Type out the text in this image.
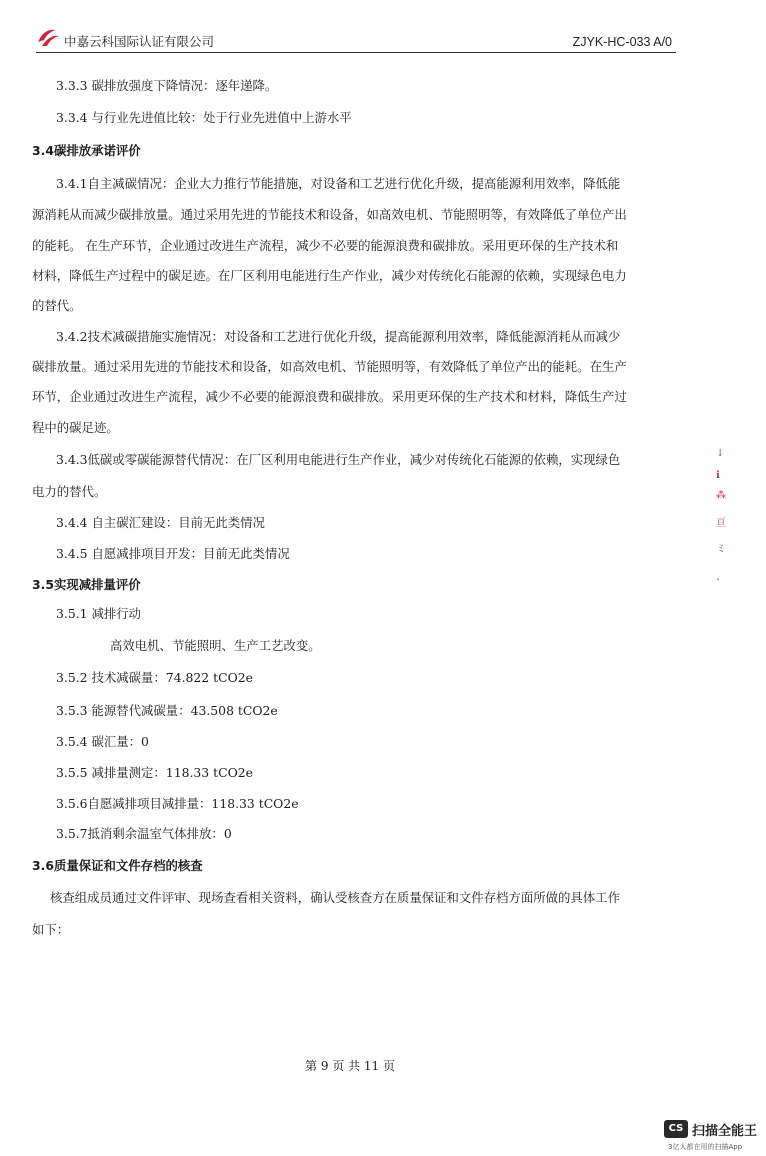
中嘉云科国际认证有限公司	ZJYK-HC-033 A/0
3.3.3 碳排放强度下降情况：逐年递降。
3.3.4 与行业先进值比较：处于行业先进值中上游水平
3.4碳排放承诺评价
3.4.1自主减碳情况：企业大力推行节能措施，对设备和工艺进行优化升级，提高能源利用效率，降低能
源消耗从而减少碳排放量。通过采用先进的节能技术和设备，如高效电机、节能照明等，有效降低了单位产出
的能耗。 在生产环节，企业通过改进生产流程，减少不必要的能源浪费和碳排放。采用更环保的生产技术和
材料，降低生产过程中的碳足迹。在厂区利用电能进行生产作业，减少对传统化石能源的依赖，实现绿色电力
的替代。
3.4.2技术减碳措施实施情况：对设备和工艺进行优化升级，提高能源利用效率，降低能源消耗从而减少
碳排放量。通过采用先进的节能技术和设备，如高效电机、节能照明等，有效降低了单位产出的能耗。在生产
环节，企业通过改进生产流程，减少不必要的能源浪费和碳排放。采用更环保的生产技术和材料，降低生产过
程中的碳足迹。
3.4.3低碳或零碳能源替代情况：在厂区利用电能进行生产作业，减少对传统化石能源的依赖，实现绿色
电力的替代。
3.4.4 自主碳汇建设：目前无此类情况
3.4.5 自愿减排项目开发：目前无此类情况
3.5实现减排量评价
3.5.1 减排行动
高效电机、节能照明、生产工艺改变。
3.5.2 技术减碳量：74.822 tCO2e
3.5.3 能源替代减碳量：43.508 tCO2e
3.5.4 碳汇量：0
3.5.5 减排量测定：118.33 tCO2e
3.5.6自愿减排项目减排量：118.33 tCO2e
3.5.7抵消剩余温室气体排放：0
3.6质量保证和文件存档的核查
核查组成员通过文件评审、现场查看相关资料，确认受核查方在质量保证和文件存档方面所做的具体工作
如下：
第 9 页 共 11 页
↓
ℹ
⁂
亘
ミ
、
CS 扫描全能王
3亿人都在用的扫描App
